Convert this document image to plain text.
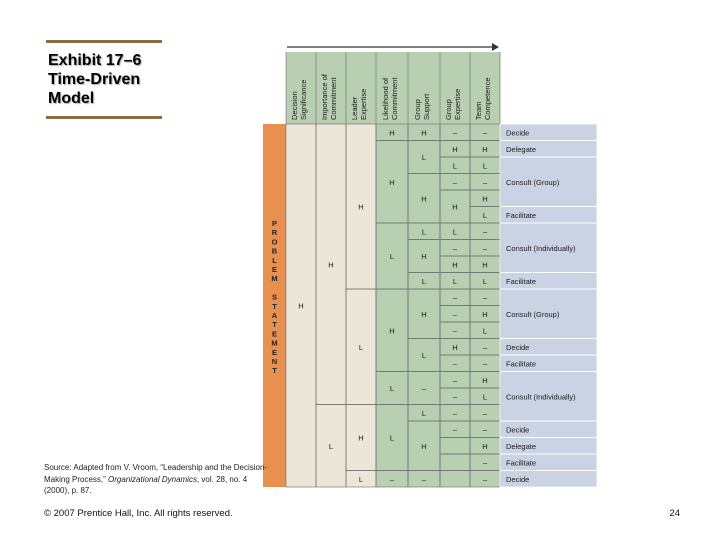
Exhibit 17–6
Time-Driven
Model	DecisionSignificance Importance ofCommitment LeaderExpertise Likelihood ofCommitment GroupSupport GroupExpertise TeamCompetence
P
R
O
B
L
E
M
S
T
A
T
E
M
E
N
T
H
H
L
H
L
H
L
H
H
L
H
L
L
–
H
L
H
L
H
L
H
L
–
L
H
–
–
H
L
–
H
L
–
H
L
–
–
–
H
–
–
–
–
–
–
H
L
–
H
L
–
–
H
L
–
H
L
–
–
H
L
–
–
H
–
–
Decide
Delegate
Consult (Group)
Facilitate
Consult (Individually)
Facilitate
Consult (Group)
Decide
Facilitate
Consult (Individually)
Decide
Delegate
Facilitate
Decide
Source: Adapted from V. Vroom, “Leadership and the Decision-Making Process,” Organizational Dynamics, vol. 28, no. 4 (2000), p. 87.
© 2007 Prentice Hall, Inc. All rights reserved.	24
